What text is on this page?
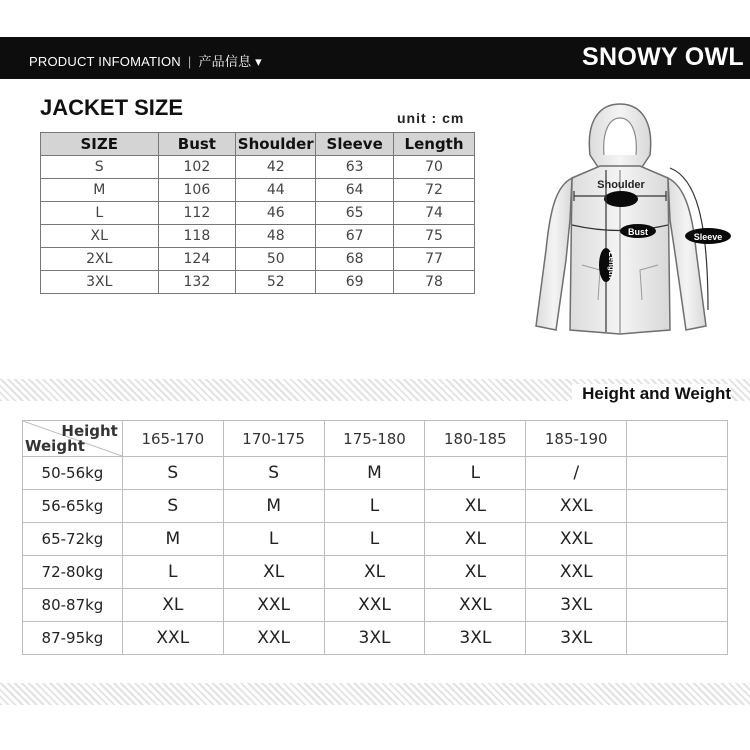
PRODUCT INFOMATION | 产品信息 ▾	SNOWY OWL
JACKET SIZE	unit : cm
SIZE	Bust	Shoulder	Sleeve	Length
S	102	42	63	70
M	106	44	64	72
L	112	46	65	74
XL	118	48	67	75
2XL	124	50	68	77
3XL	132	52	69	78
Shoulder
Bust	Sleeve
Length
Height and Weight
Height
Weight	165-170	170-175	175-180	180-185	185-190	
50-56kg	S	S	M	L	/	
56-65kg	S	M	L	XL	XXL	
65-72kg	M	L	L	XL	XXL	
72-80kg	L	XL	XL	XL	XXL	
80-87kg	XL	XXL	XXL	XXL	3XL	
87-95kg	XXL	XXL	3XL	3XL	3XL	
